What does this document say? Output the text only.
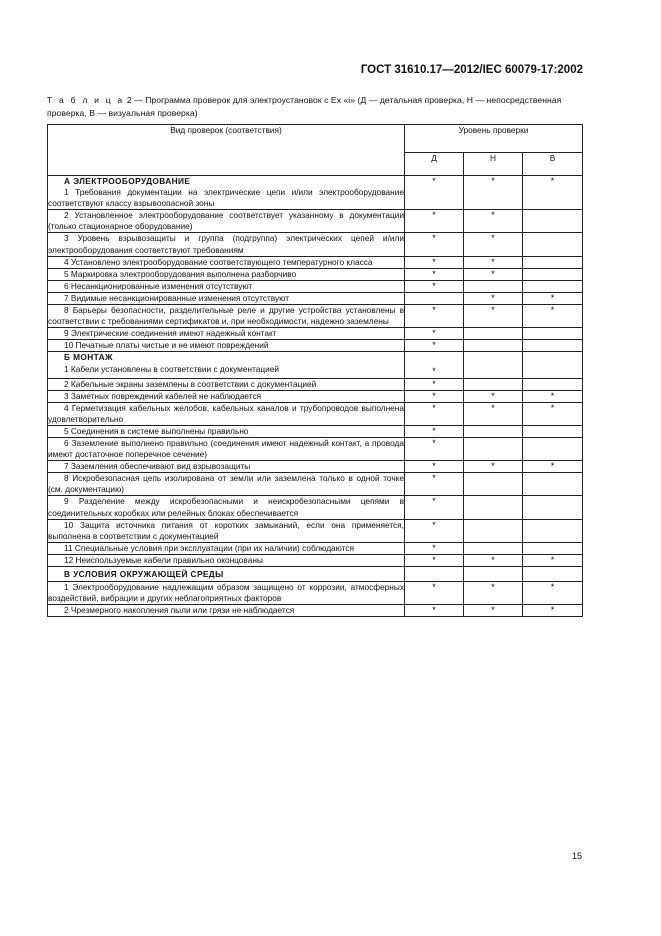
ГОСТ 31610.17—2012/IEC 60079-17:2002
Т а б л и ц а 2 — Программа проверок для электроустановок с Ex «i» (Д — детальная проверка, Н — непосредственная проверка, В — визуальная проверка)
Вид проверок (соответствия)	Уровень проверки		
	Д	Н	В

А ЭЛЕКТРООБОРУДОВАНИЕ
1 Требования документации на электрические цепи и/или электрооборудование соответствуют классу взрывоопасной зоны	*	*	*

2 Установленное электрооборудование соответствует указанному в документации (только стационарное оборудование)	*	*	

3 Уровень взрывозащиты и группа (подгруппа) электрических цепей и/или электрооборудования соответствуют требованиям	*	*	

4 Установлено электрооборудование соответствующего температурного класса	*	*	

5 Маркировка электрооборудования выполнена разборчиво	*	*	

6 Несанкционированные изменения отсутствуют	*		

7 Видимые несанкционированные изменения отсутствуют		*	*

8 Барьеры безопасности, разделительные реле и другие устройства установлены в соответствии с требованиями сертификатов и, при необходимости, надежно заземлены	*	*	*

9 Электрические соединения имеют надежный контакт	*		

10 Печатные платы чистые и не имеют повреждений	*		

Б МОНТАЖ
1 Кабели установлены в соответствии с документацией	*		

2 Кабельные экраны заземлены в соответствии с документацией	*		

3 Заметных повреждений кабелей не наблюдается	*	*	*

4 Герметизация кабельных желобов, кабельных каналов и трубопроводов выполнена удовлетворительно	*	*	*

5 Соединения в системе выполнены правильно	*		

6 Заземление выполнено правильно (соединения имеют надежный контакт, а провода имеют достаточное поперечное сечение)	*		

7 Заземления обеспечивают вид взрывозащиты	*	*	*

8 Искробезопасная цепь изолирована от земли или заземлена только в одной точке (см. документацию)	*		

9 Разделение между искробезопасными и неискробезопасными цепями в соединительных коробках или релейных блоках обеспечивается	*		

10 Защита источника питания от коротких замыканий, если она применяется, выполнена в соответствии с документацией	*		

11 Специальные условия при эксплуатации (при их наличии) соблюдаются	*		

12 Неиспользуемые кабели правильно оконцованы	*	*	*

В УСЛОВИЯ ОКРУЖАЮЩЕЙ СРЕДЫ			

1 Электрооборудование надлежащим образом защищено от коррозии, атмосферных воздействий, вибрации и других неблагоприятных факторов	*	*	*

2 Чрезмерного накопления пыли или грязи не наблюдается	*	*	*
15
